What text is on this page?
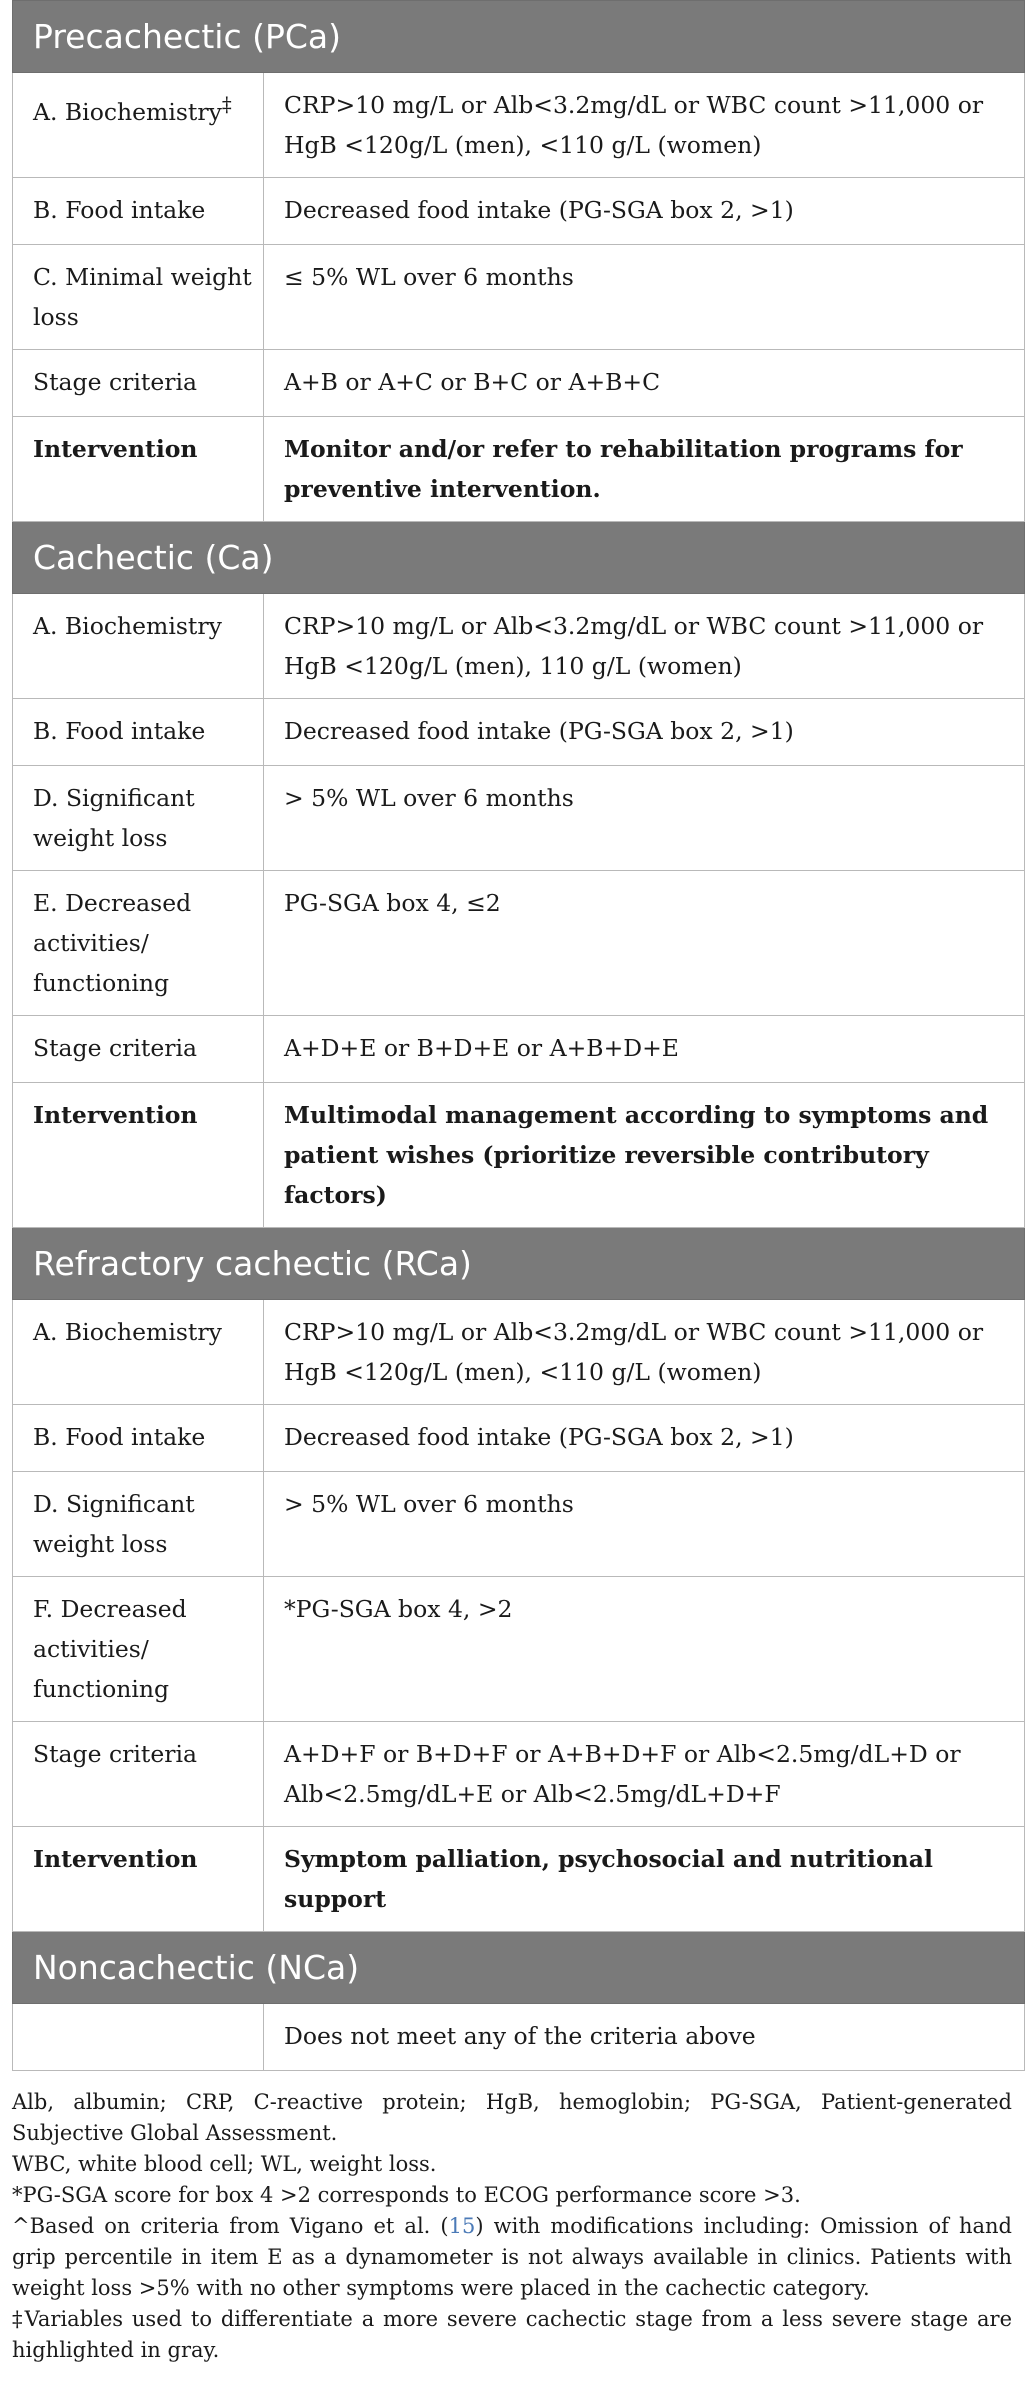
Precachectic (PCa)	
A. Biochemistry‡	CRP>10 mg/L or Alb<3.2mg/dL or WBC count >11,000 or HgB <120g/L (men), <110 g/L (women)
B. Food intake	Decreased food intake (PG-SGA box 2, >1)
C. Minimal weight loss	≤ 5% WL over 6 months
Stage criteria	A+B or A+C or B+C or A+B+C
Intervention	Monitor and/or refer to rehabilitation programs for preventive intervention.
Cachectic (Ca)	
A. Biochemistry	CRP>10 mg/L or Alb<3.2mg/dL or WBC count >11,000 or HgB <120g/L (men), 110 g/L (women)
B. Food intake	Decreased food intake (PG-SGA box 2, >1)
D. Significant weight loss	> 5% WL over 6 months
E. Decreased activities/ functioning	PG-SGA box 4, ≤2
Stage criteria	A+D+E or B+D+E or A+B+D+E
Intervention	Multimodal management according to symptoms and patient wishes (prioritize reversible contributory factors)
Refractory cachectic (RCa)	
A. Biochemistry	CRP>10 mg/L or Alb<3.2mg/dL or WBC count >11,000 or HgB <120g/L (men), <110 g/L (women)
B. Food intake	Decreased food intake (PG-SGA box 2, >1)
D. Significant weight loss	> 5% WL over 6 months
F. Decreased activities/ functioning	*PG-SGA box 4, >2
Stage criteria	A+D+F or B+D+F or A+B+D+F or Alb<2.5mg/dL+D or Alb<2.5mg/dL+E or Alb<2.5mg/dL+D+F
Intervention	Symptom palliation, psychosocial and nutritional support
Noncachectic (NCa)	
	Does not meet any of the criteria above

Alb, albumin; CRP, C-reactive protein; HgB, hemoglobin; PG-SGA, Patient-generated Subjective Global Assessment.

WBC, white blood cell; WL, weight loss.

*PG-SGA score for box 4 >2 corresponds to ECOG performance score >3.

^Based on criteria from Vigano et al. (15) with modifications including: Omission of hand grip percentile in item E as a dynamometer is not always available in clinics. Patients with weight loss >5% with no other symptoms were placed in the cachectic category.

‡Variables used to differentiate a more severe cachectic stage from a less severe stage are highlighted in gray.
